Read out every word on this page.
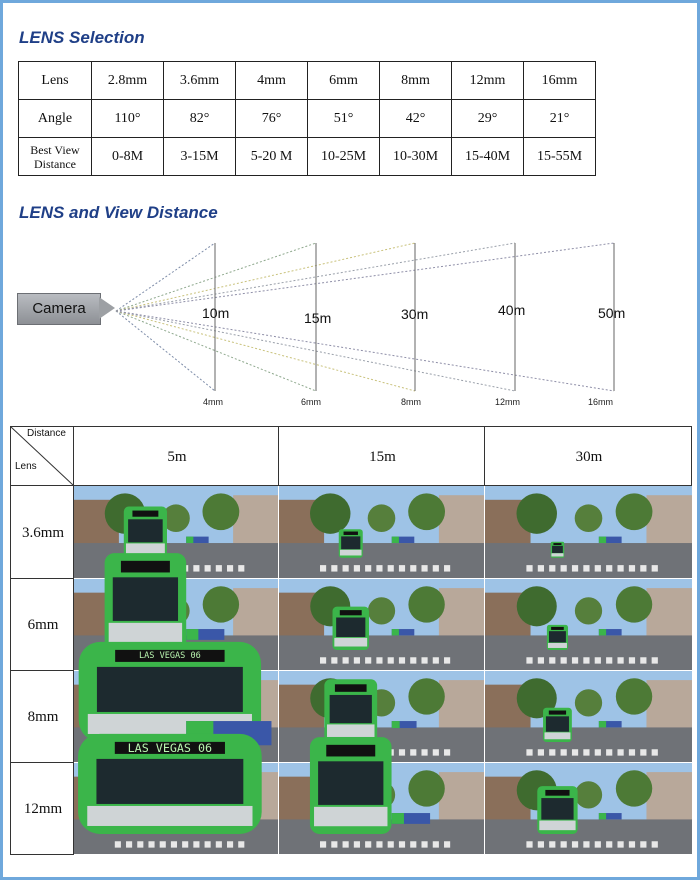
LENS Selection
Lens	2.8mm	3.6mm	4mm	6mm	8mm	12mm	16mm
Angle	110°	82°	76°	51°	42°	29°	21°
Best View
Distance	0-8M	3-15M	5-20 M	10-25M	10-30M	15-40M	15-55M
LENS and View Distance
Camera	10m	15m	30m	40m	50m
4mm	6mm	8mm	12mm	16mm
Distance
Lens
5m	15m	30m
3.6mm
6mm
8mm
12mm
LAS VEGAS 06
LAS VEGAS 06
